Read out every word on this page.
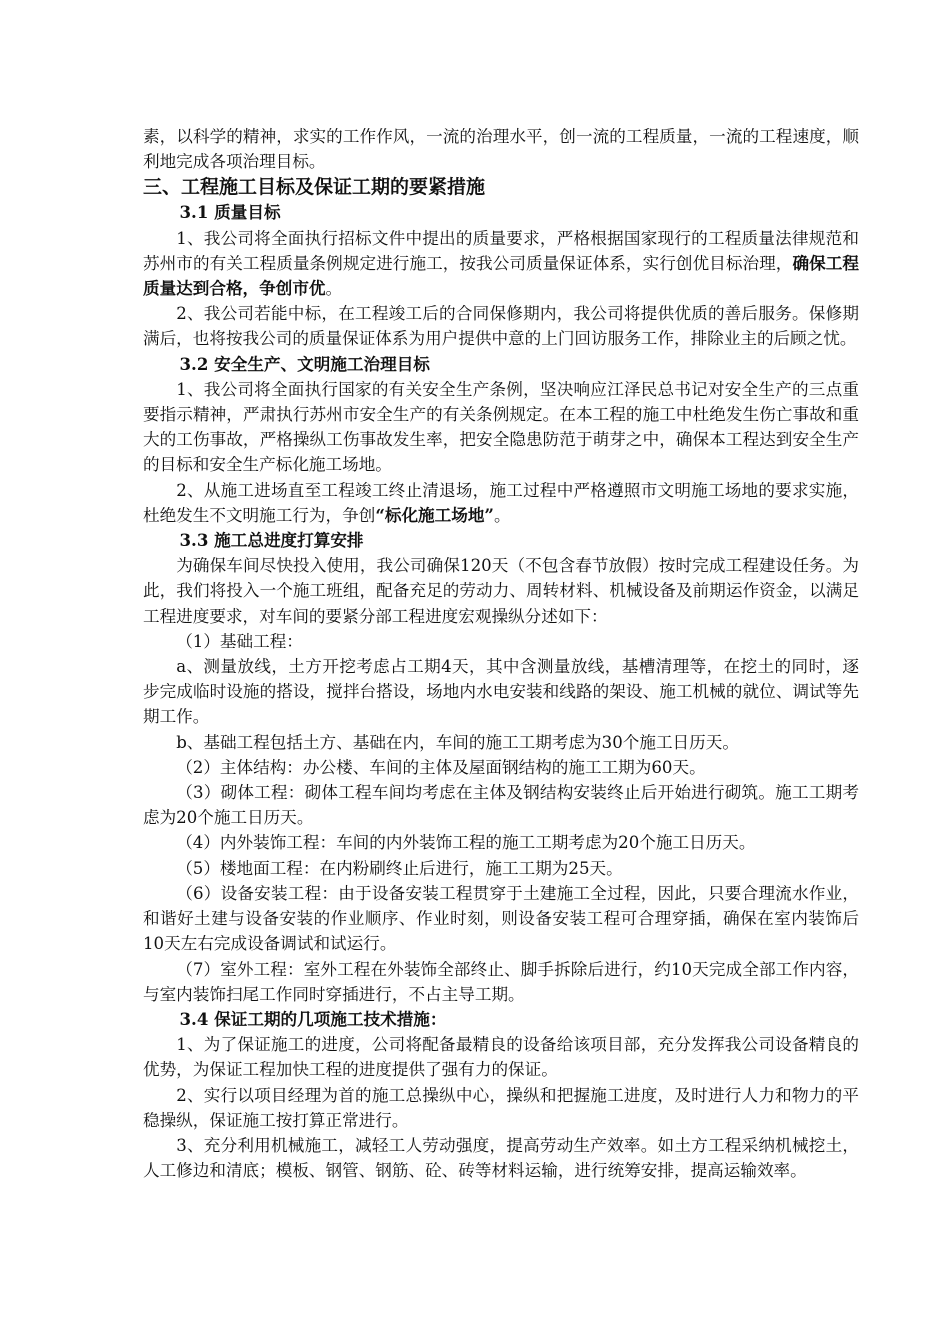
素，以科学的精神，求实的工作作风，一流的治理水平，创一流的工程质量，一流的工程速度，顺利地完成各项治理目标。

三、工程施工目标及保证工期的要紧措施

3.1 质量目标

1、我公司将全面执行招标文件中提出的质量要求，严格根据国家现行的工程质量法律规范和苏州市的有关工程质量条例规定进行施工，按我公司质量保证体系，实行创优目标治理，确保工程质量达到合格，争创市优。

2、我公司若能中标，在工程竣工后的合同保修期内，我公司将提供优质的善后服务。保修期满后，也将按我公司的质量保证体系为用户提供中意的上门回访服务工作，排除业主的后顾之忧。

3.2 安全生产、文明施工治理目标

1、我公司将全面执行国家的有关安全生产条例，坚决响应江泽民总书记对安全生产的三点重要指示精神，严肃执行苏州市安全生产的有关条例规定。在本工程的施工中杜绝发生伤亡事故和重大的工伤事故，严格操纵工伤事故发生率，把安全隐患防范于萌芽之中，确保本工程达到安全生产的目标和安全生产标化施工场地。

2、从施工进场直至工程竣工终止清退场，施工过程中严格遵照市文明施工场地的要求实施，杜绝发生不文明施工行为，争创“标化施工场地”。

3.3 施工总进度打算安排

为确保车间尽快投入使用，我公司确保120天（不包含春节放假）按时完成工程建设任务。为此，我们将投入一个施工班组，配备充足的劳动力、周转材料、机械设备及前期运作资金，以满足工程进度要求，对车间的要紧分部工程进度宏观操纵分述如下：

（1）基础工程：

a、测量放线，土方开挖考虑占工期4天，其中含测量放线，基槽清理等，在挖土的同时，逐步完成临时设施的搭设，搅拌台搭设，场地内水电安装和线路的架设、施工机械的就位、调试等先期工作。

b、基础工程包括土方、基础在内，车间的施工工期考虑为30个施工日历天。

（2）主体结构：办公楼、车间的主体及屋面钢结构的施工工期为60天。

（3）砌体工程：砌体工程车间均考虑在主体及钢结构安装终止后开始进行砌筑。施工工期考虑为20个施工日历天。

（4）内外装饰工程：车间的内外装饰工程的施工工期考虑为20个施工日历天。

（5）楼地面工程：在内粉刷终止后进行，施工工期为25天。

（6）设备安装工程：由于设备安装工程贯穿于土建施工全过程，因此，只要合理流水作业，和谐好土建与设备安装的作业顺序、作业时刻，则设备安装工程可合理穿插，确保在室内装饰后10天左右完成设备调试和试运行。

（7）室外工程：室外工程在外装饰全部终止、脚手拆除后进行，约10天完成全部工作内容，与室内装饰扫尾工作同时穿插进行，不占主导工期。

3.4 保证工期的几项施工技术措施：

1、为了保证施工的进度，公司将配备最精良的设备给该项目部，充分发挥我公司设备精良的优势，为保证工程加快工程的进度提供了强有力的保证。

2、实行以项目经理为首的施工总操纵中心，操纵和把握施工进度，及时进行人力和物力的平稳操纵，保证施工按打算正常进行。

3、充分利用机械施工，减轻工人劳动强度，提高劳动生产效率。如土方工程采纳机械挖土，人工修边和清底；模板、钢管、钢筋、砼、砖等材料运输，进行统筹安排，提高运输效率。
